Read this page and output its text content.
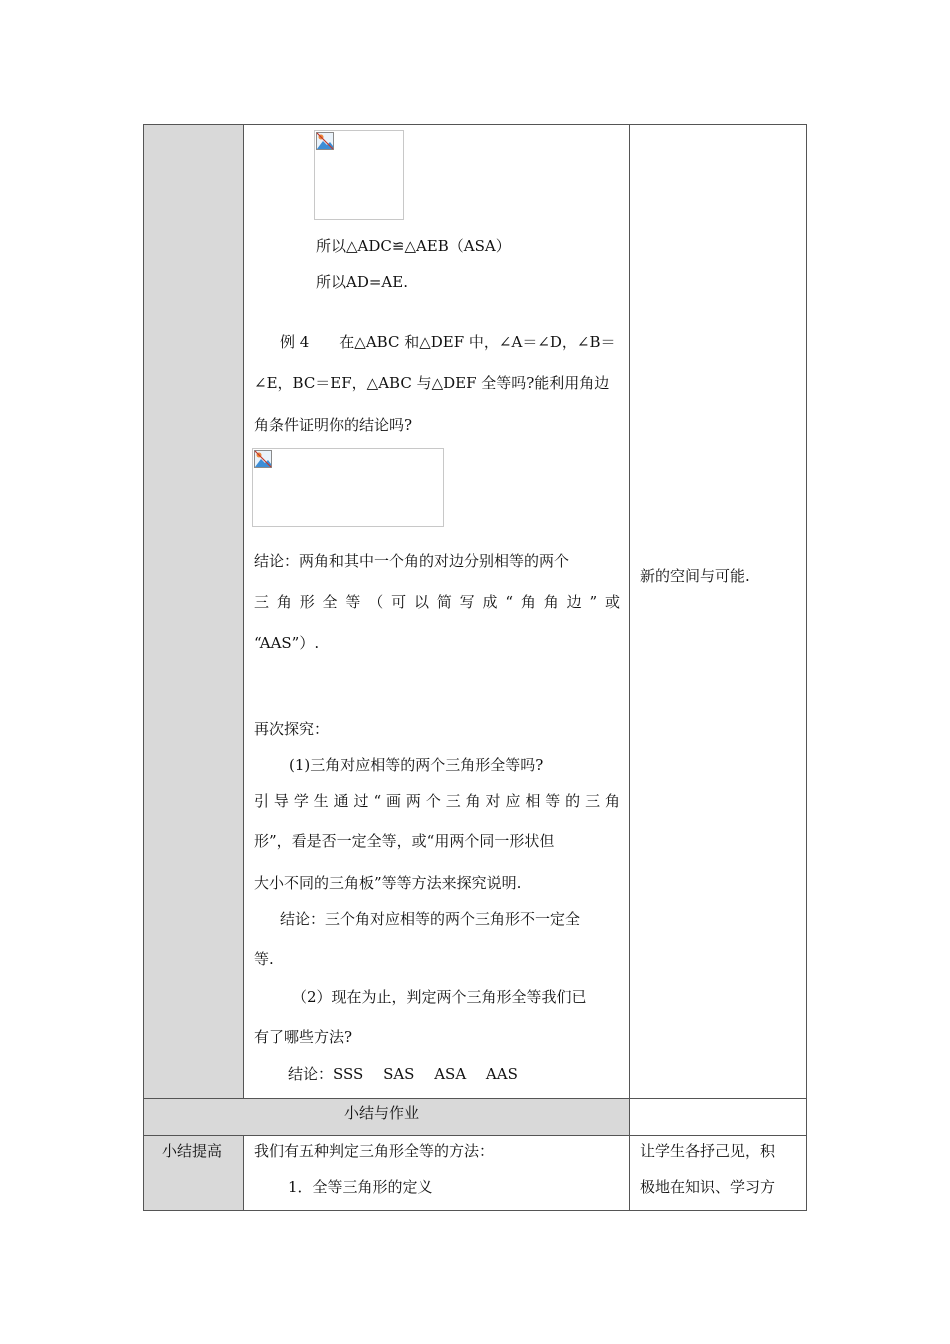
所以△ADC≌△AEB（ASA）
所以AD=AE.
例 4　　在△ABC 和△DEF 中，∠A＝∠D，∠B＝
∠E，BC＝EF，△ABC 与△DEF 全等吗?能利用角边
角条件证明你的结论吗?
结论：两角和其中一个角的对边分别相等的两个
三角形全等（可以简写成“角角边”或
“AAS”）.
再次探究：
(1)三角对应相等的两个三角形全等吗?
引导学生通过“画两个三角对应相等的三角
形”，看是否一定全等，或“用两个同一形状但
大小不同的三角板”等等方法来探究说明.
结论：三个角对应相等的两个三角形不一定全
等.
（2）现在为止，判定两个三角形全等我们已
有了哪些方法?
结论：SSS　 SAS　 ASA　 AAS
新的空间与可能.
小结与作业
小结提高 我们有五种判定三角形全等的方法：
1．全等三角形的定义
让学生各抒己见，积
极地在知识、学习方
